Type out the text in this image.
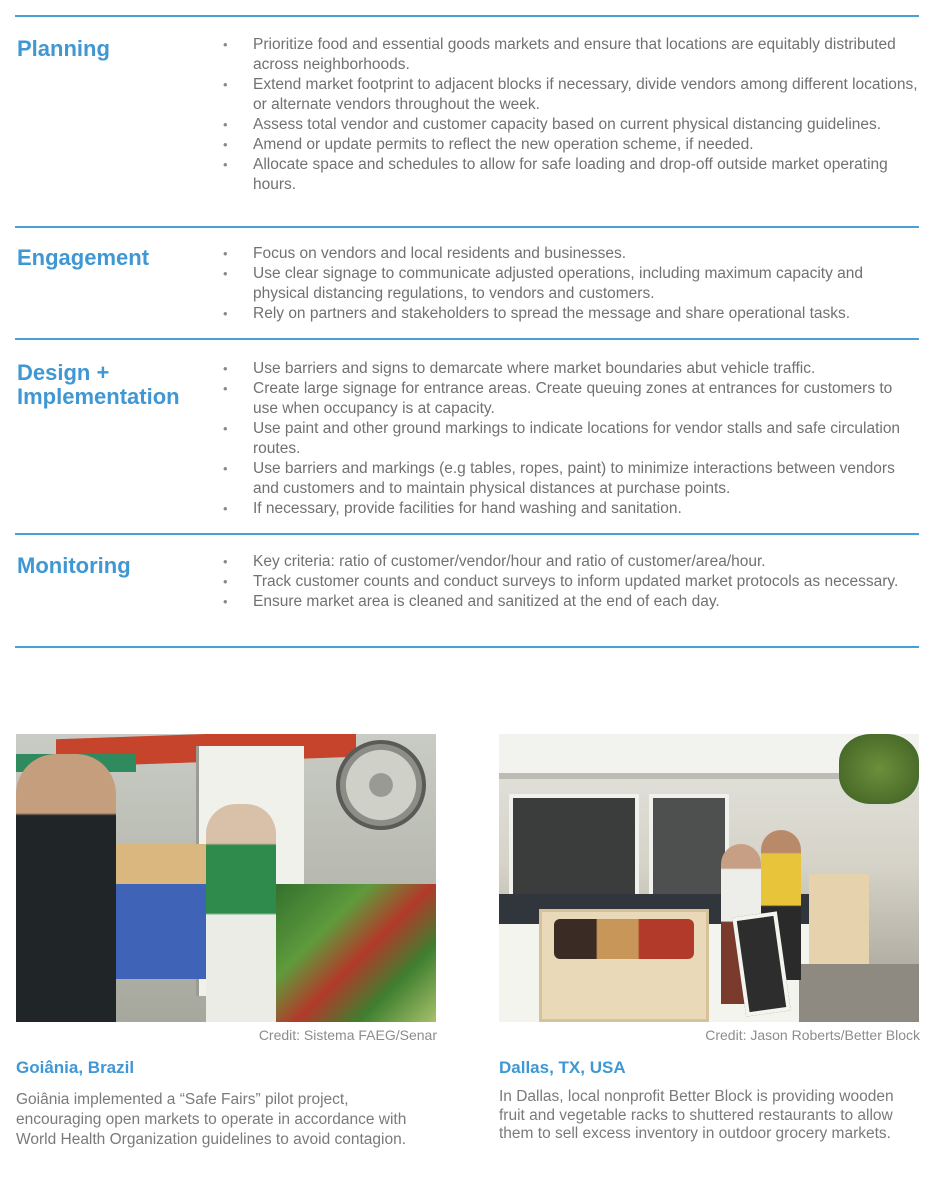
Planning	• Prioritize food and essential goods markets and ensure that locations are equitably distributed across neighborhoods.
• Extend market footprint to adjacent blocks if necessary, divide vendors among different locations, or alternate vendors throughout the week.
• Assess total vendor and customer capacity based on current physical distancing guidelines.
• Amend or update permits to reflect the new operation scheme, if needed.
• Allocate space and schedules to allow for safe loading and drop-off outside market operating hours.
Engagement	• Focus on vendors and local residents and businesses.
• Use clear signage to communicate adjusted operations, including maximum capacity and physical distancing regulations, to vendors and customers.
• Rely on partners and stakeholders to spread the message and share operational tasks.
Design +
Implementation
• Use barriers and signs to demarcate where market boundaries abut vehicle traffic.
• Create large signage for entrance areas. Create queuing zones at entrances for customers to use when occupancy is at capacity.
• Use paint and other ground markings to indicate locations for vendor stalls and safe circulation routes.
• Use barriers and markings (e.g tables, ropes, paint) to minimize interactions between vendors and customers and to maintain physical distances at purchase points.
• If necessary, provide facilities for hand washing and sanitation.
Monitoring	• Key criteria: ratio of customer/vendor/hour and ratio of customer/area/hour.
• Track customer counts and conduct surveys to inform updated market protocols as necessary.
• Ensure market area is cleaned and sanitized at the end of each day.
Credit: Sistema FAEG/Senar
Goiânia, Brazil
Goiânia implemented a “Safe Fairs” pilot project, encouraging open markets to operate in accordance with World Health Organization guidelines to avoid contagion.
Credit: Jason Roberts/Better Block
Dallas, TX, USA
In Dallas, local nonprofit Better Block is providing wooden fruit and vegetable racks to shuttered restaurants to allow them to sell excess inventory in outdoor grocery markets.
